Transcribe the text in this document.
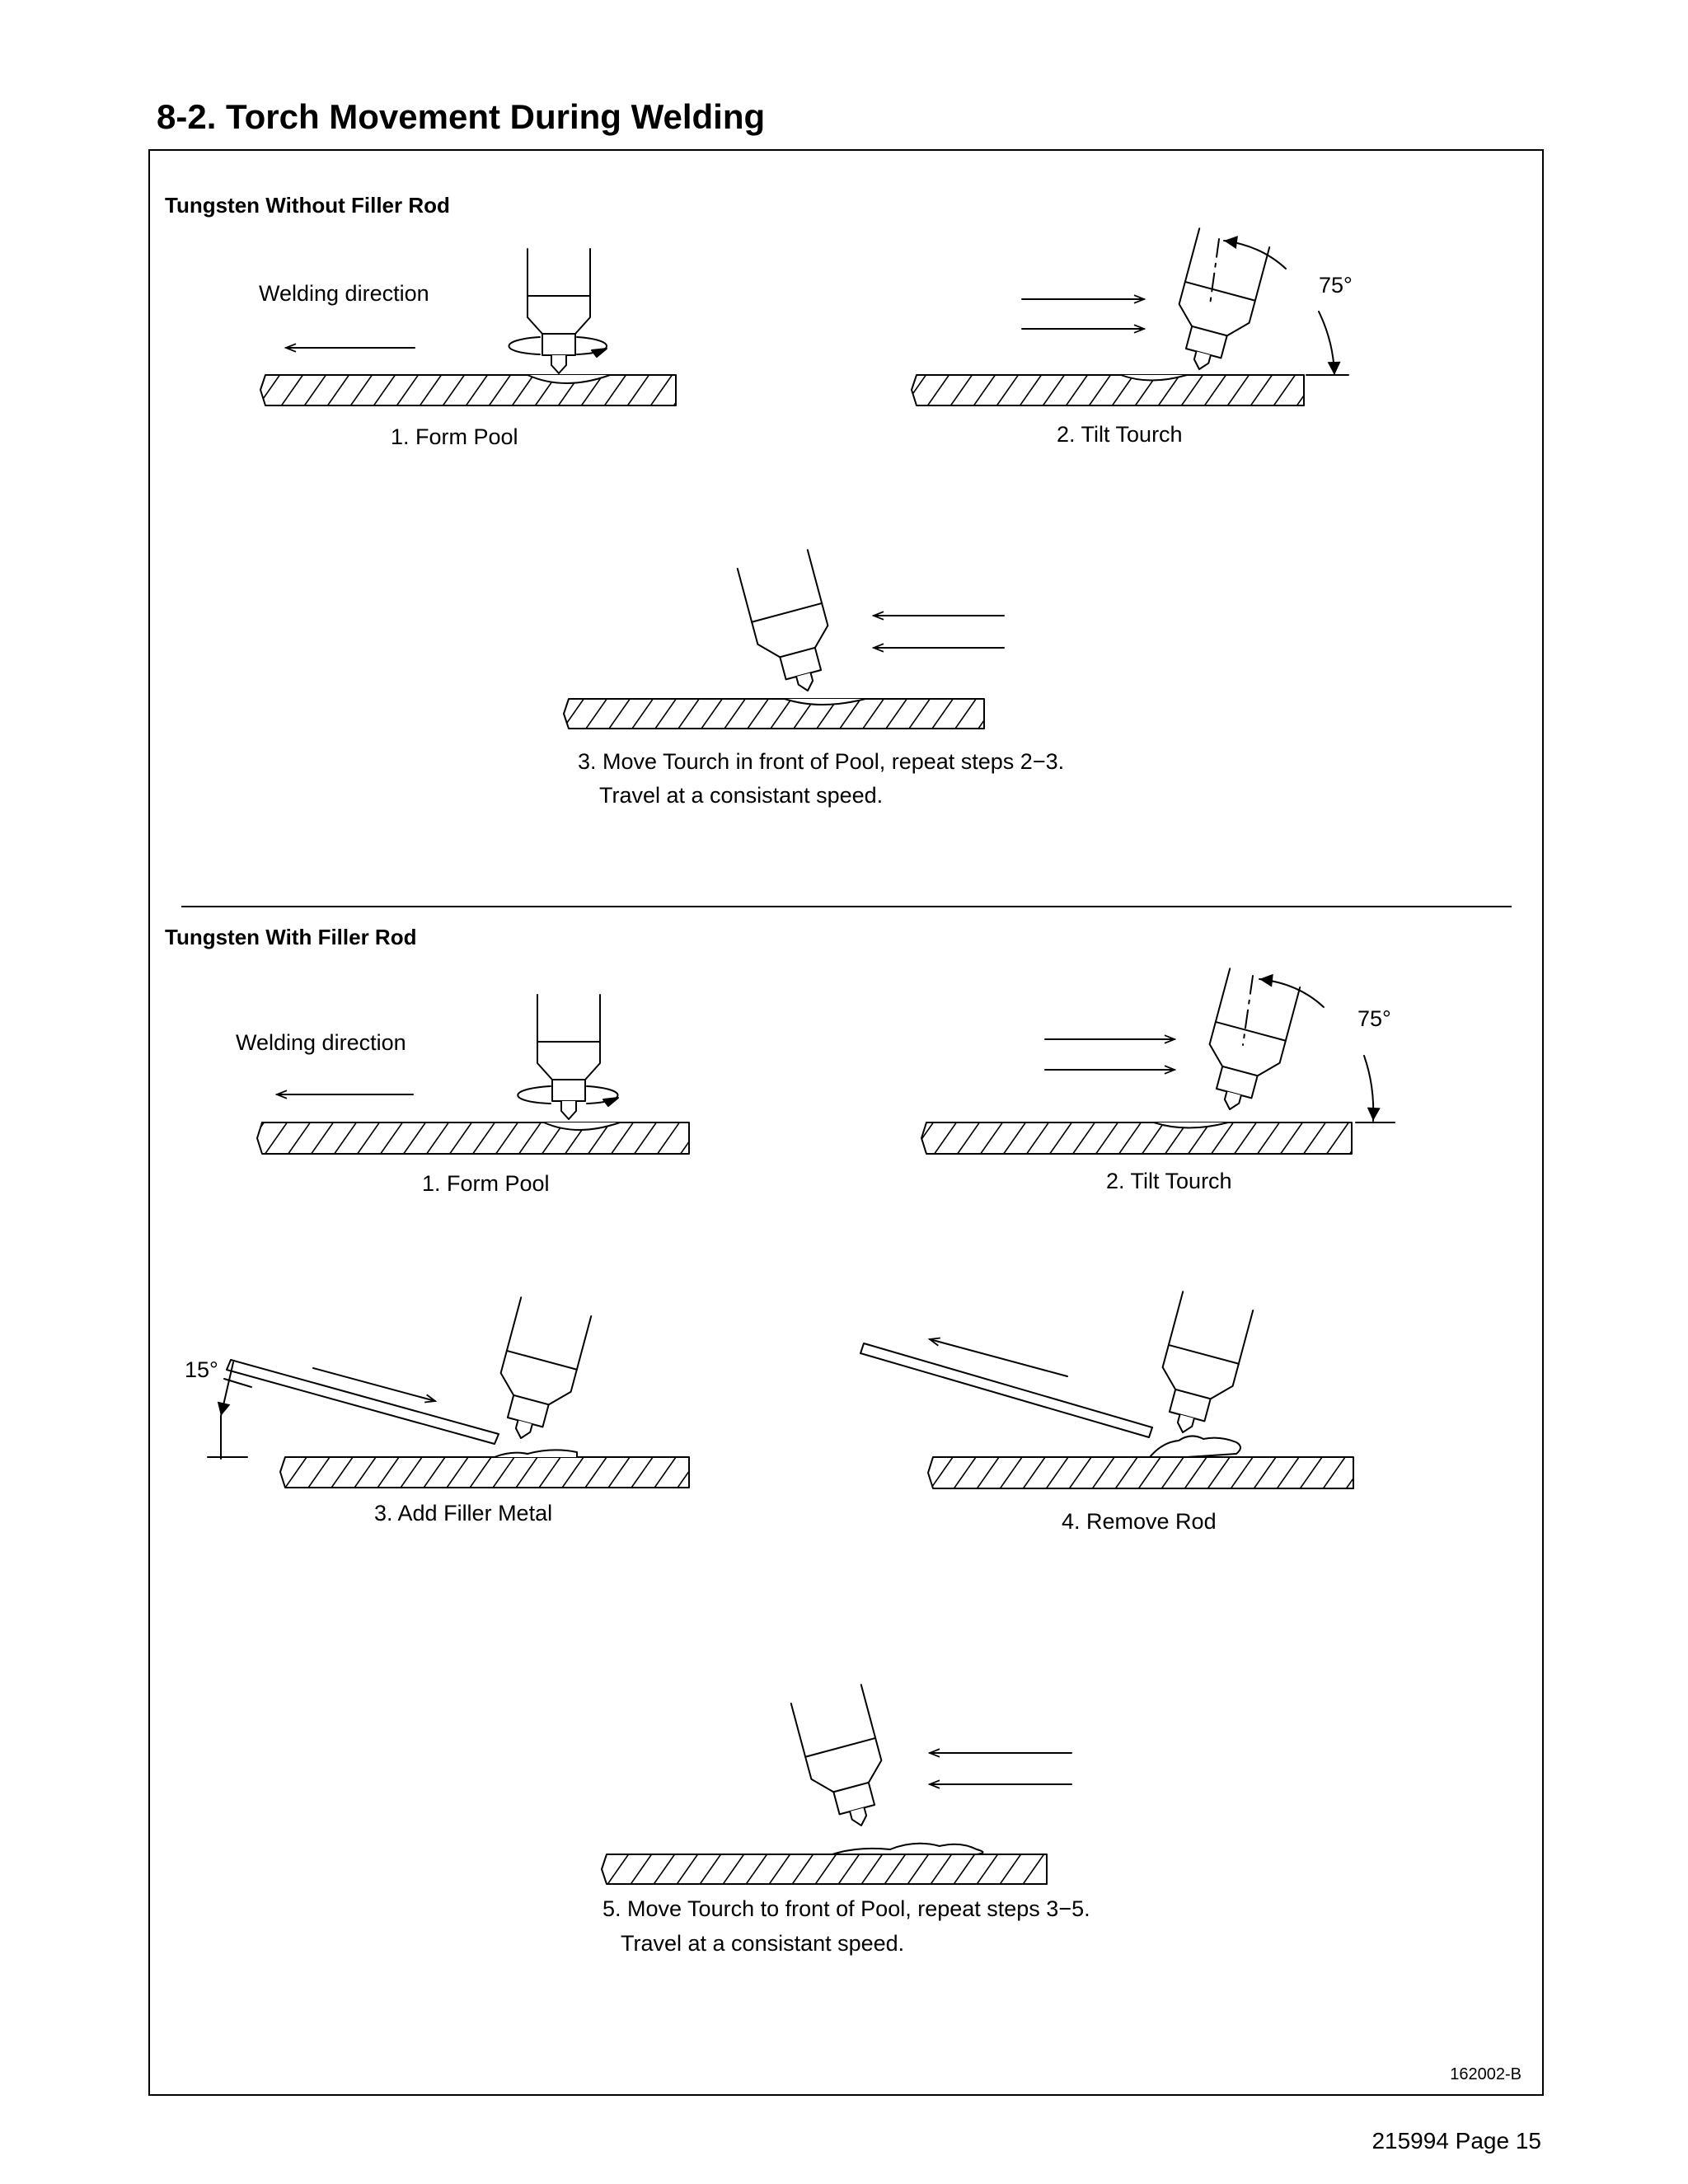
8-2. Torch Movement During Welding
Tungsten Without Filler Rod
Tungsten With Filler Rod
162002-B
Welding direction
1. Form Pool	2. Tilt Tourch
75°
3. Move Tourch in front of Pool, repeat steps 2−3.
Travel at a consistant speed.
Welding direction
1. Form Pool	2. Tilt Tourch
75°
15°
3. Add Filler Metal	4. Remove Rod
5. Move Tourch to front of Pool, repeat steps 3−5.
Travel at a consistant speed.
215994 Page 15
